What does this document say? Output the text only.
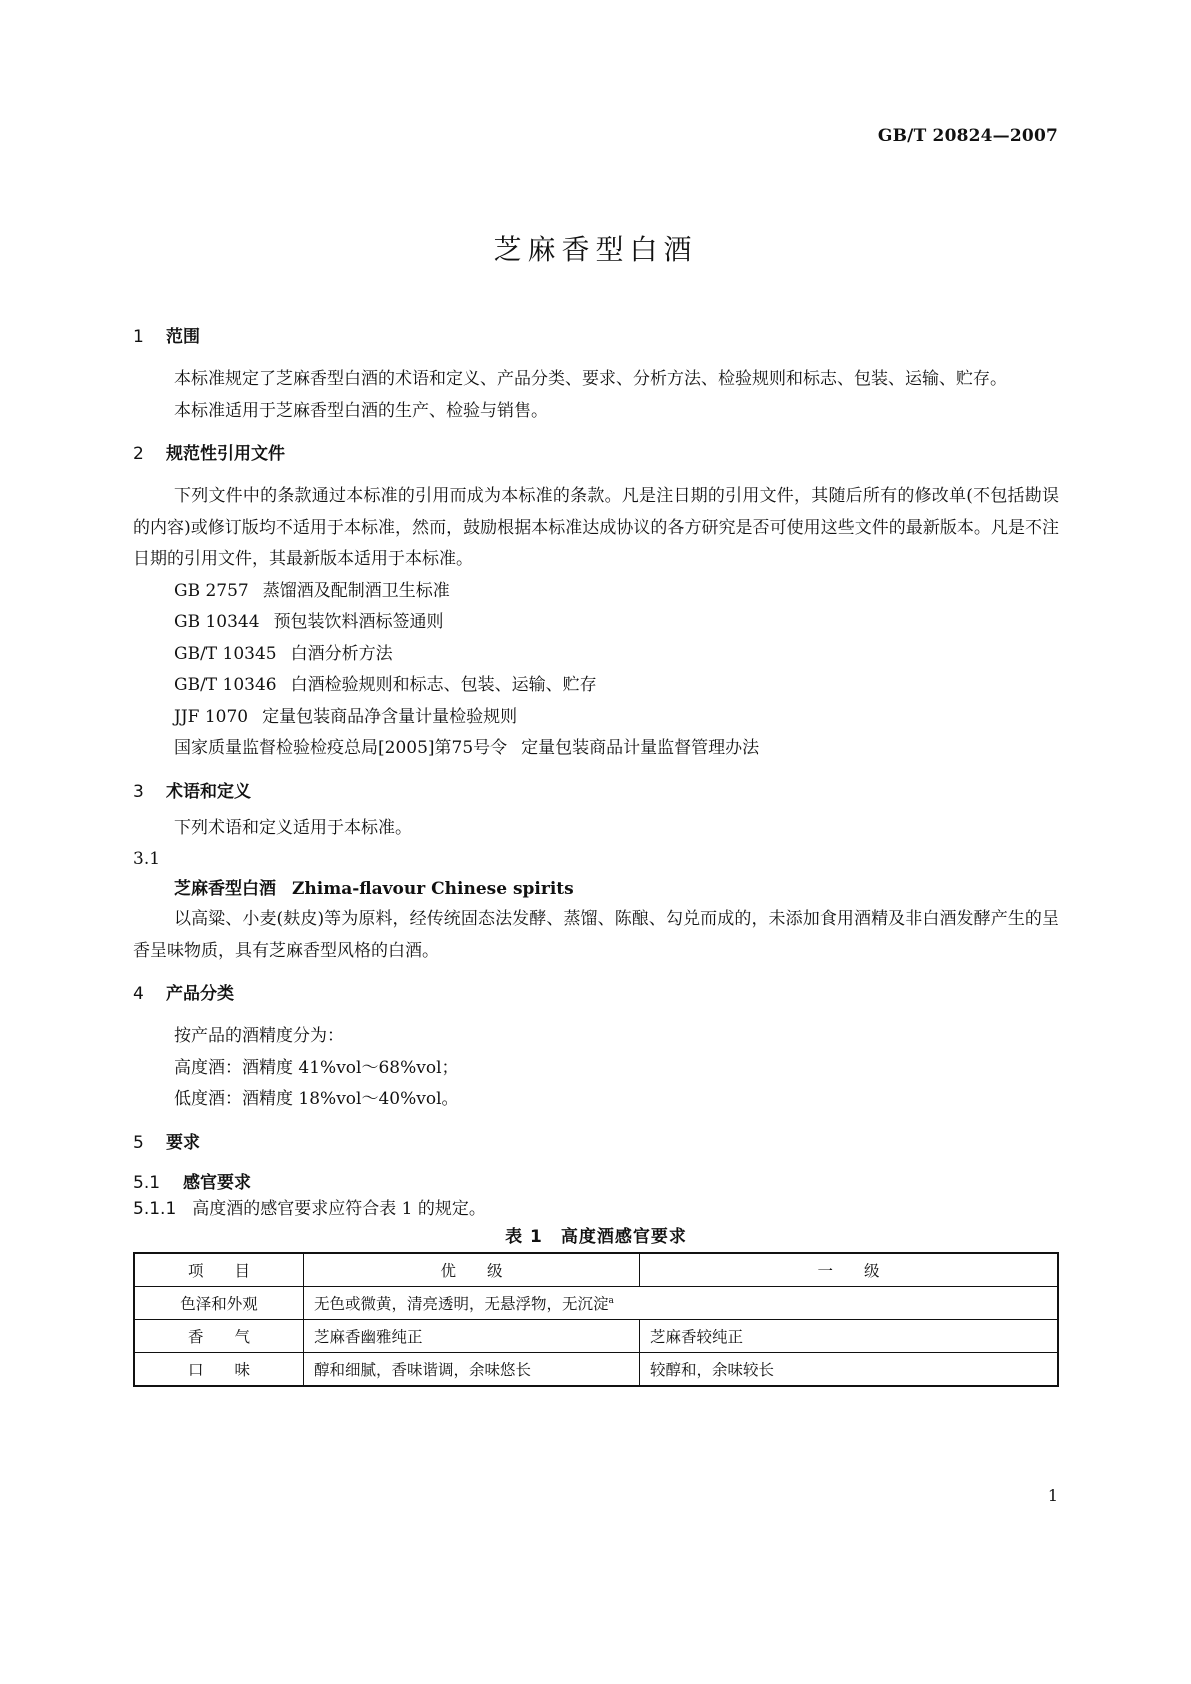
GB/T 20824—2007
芝麻香型白酒
1 范围
本标准规定了芝麻香型白酒的术语和定义、产品分类、要求、分析方法、检验规则和标志、包装、运输、贮存。
本标准适用于芝麻香型白酒的生产、检验与销售。
2 规范性引用文件
下列文件中的条款通过本标准的引用而成为本标准的条款。凡是注日期的引用文件，其随后所有的修改单(不包括勘误的内容)或修订版均不适用于本标准，然而，鼓励根据本标准达成协议的各方研究是否可使用这些文件的最新版本。凡是不注日期的引用文件，其最新版本适用于本标准。
GB 2757 蒸馏酒及配制酒卫生标准
GB 10344 预包装饮料酒标签通则
GB/T 10345 白酒分析方法
GB/T 10346 白酒检验规则和标志、包装、运输、贮存
JJF 1070 定量包装商品净含量计量检验规则
国家质量监督检验检疫总局[2005]第75号令 定量包装商品计量监督管理办法
3 术语和定义
下列术语和定义适用于本标准。
3.1
芝麻香型白酒 Zhima-flavour Chinese spirits
以高粱、小麦(麸皮)等为原料，经传统固态法发酵、蒸馏、陈酿、勾兑而成的，未添加食用酒精及非白酒发酵产生的呈香呈味物质，具有芝麻香型风格的白酒。
4 产品分类
按产品的酒精度分为：
高度酒：酒精度 41%vol～68%vol；
低度酒：酒精度 18%vol～40%vol。
5 要求
5.1 感官要求
5.1.1 高度酒的感官要求应符合表 1 的规定。
表 1　高度酒感官要求
项　　目	优　　级	一　　级
色泽和外观	无色或微黄，清亮透明，无悬浮物，无沉淀$^a$
香　　气	芝麻香幽雅纯正	芝麻香较纯正
口　　味	醇和细腻，香味谐调，余味悠长	较醇和，余味较长
1
